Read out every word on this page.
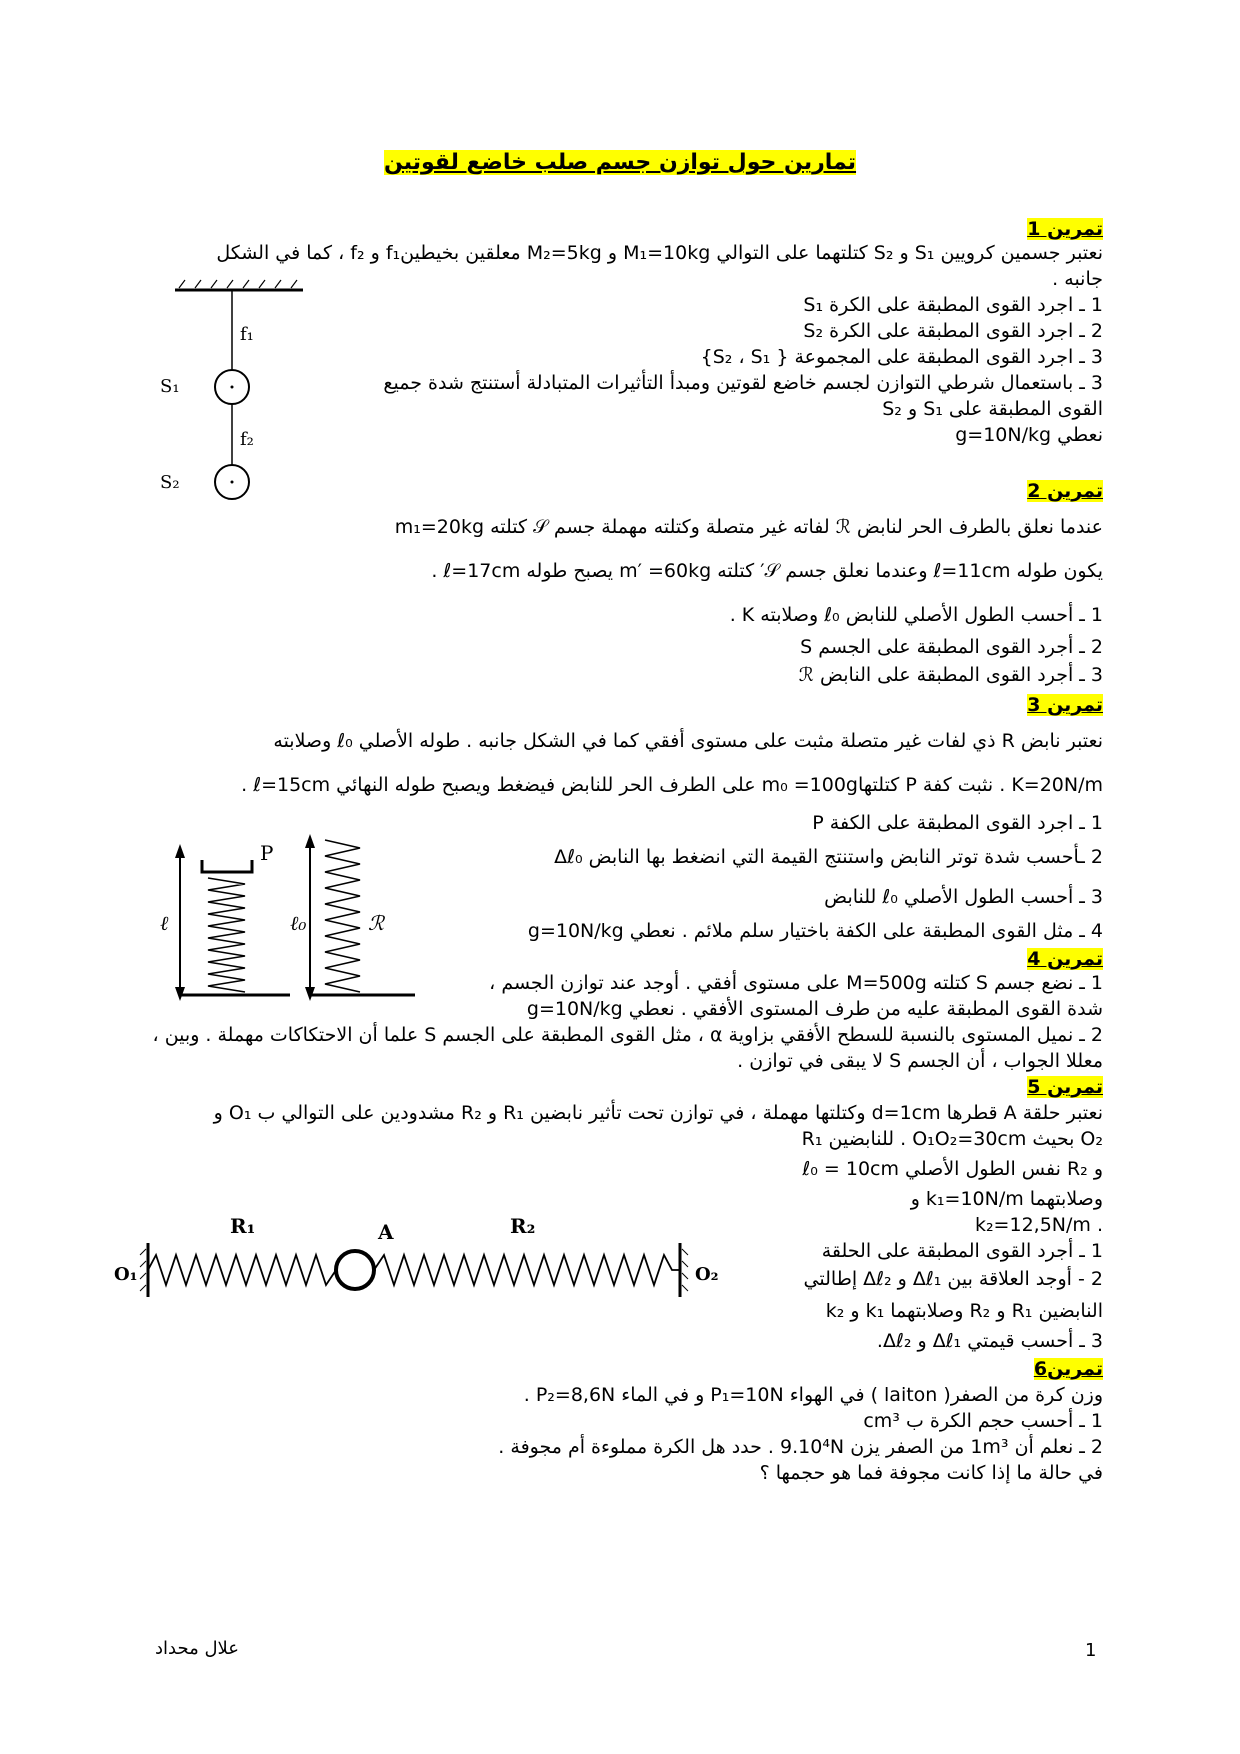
تمارين حول توازن جسم صلب خاضع لقوتين
تمرين 1
نعتبر جسمين كرويين S₁ و S₂ كتلتهما على التوالي M₁=10kg و M₂=5kg معلقين بخيطينf₁ و f₂ ، كما في الشكل
جانبه .
1 ـ اجرد القوى المطبقة على الكرة S₁
2 ـ اجرد القوى المطبقة على الكرة S₂
3 ـ اجرد القوى المطبقة على المجموعة { S₂ ، S₁}
3 ـ باستعمال شرطي التوازن لجسم خاضع لقوتين ومبدأ التأثيرات المتبادلة أستنتج شدة جميع
القوى المطبقة على S₁ و S₂
نعطي g=10N/kg
f₁
f₂
S₁
S₂	تمرين 2
عندما نعلق بالطرف الحر لنابض ℛ لفاته غير متصلة وكتلته مهملة جسم 𝒮 كتلته m₁=20kg
يكون طوله ℓ=11cm وعندما نعلق جسم 𝒮′ كتلته m′ =60kg يصبح طوله ℓ=17cm .
1 ـ أحسب الطول الأصلي للنابض ℓ₀ وصلابته K .
2 ـ أجرد القوى المطبقة على الجسم S
3 ـ أجرد القوى المطبقة على النابض ℛ
تمرين 3
نعتبر نابض R ذي لفات غير متصلة مثبت على مستوى أفقي كما في الشكل جانبه . طوله الأصلي ℓ₀ وصلابته
K=20N/m . نثبت كفة P كتلتهاm₀ =100g على الطرف الحر للنابض فيضغط ويصبح طوله النهائي ℓ=15cm .
1 ـ اجرد القوى المطبقة على الكفة P
2 ـأحسب شدة توتر النابض واستنتج القيمة التي انضغط بها النابض Δℓ₀
3 ـ أحسب الطول الأصلي ℓ₀ للنابض
4 ـ مثل القوى المطبقة على الكفة باختيار سلم ملائم . نعطي g=10N/kg
ℓ
P
ℓ₀	ℛ
تمرين 4
1 ـ نضع جسم S كتلته M=500g على مستوى أفقي . أوجد عند توازن الجسم ،
شدة القوى المطبقة عليه من طرف المستوى الأفقي . نعطي g=10N/kg
2 ـ نميل المستوى بالنسبة للسطح الأفقي بزاوية α ، مثل القوى المطبقة على الجسم S علما أن الاحتكاكات مهملة . وبين ،
معللا الجواب ، أن الجسم S لا يبقى في توازن .
تمرين 5
نعتبر حلقة A قطرها d=1cm وكتلتها مهملة ، في توازن تحت تأثير نابضين R₁ و R₂ مشدودين على التوالي ب O₁ و
O₂ بحيث O₁O₂=30cm . للنابضين R₁
و R₂ نفس الطول الأصلي ℓ₀ = 10cm
وصلابتهما k₁=10N/m و
. k₂=12,5N/m
1 ـ أجرد القوى المطبقة على الحلقة
2 - أوجد العلاقة بين Δℓ₁ و Δℓ₂ إطالتي
النابضين R₁ و R₂ وصلابتهما k₁ و k₂
3 ـ أحسب قيمتي Δℓ₁ و Δℓ₂.
R₁	A	R₂
O₁	O₂
تمرين6
وزن كرة من الصفر( laiton ) في الهواء P₁=10N و في الماء P₂=8,6N .
1 ـ أحسب حجم الكرة ب cm³
2 ـ نعلم أن 1m³ من الصفر يزن 9.10⁴N . حدد هل الكرة مملوءة أم مجوفة .
في حالة ما إذا كانت مجوفة فما هو حجمها ؟
علال محداد	1
